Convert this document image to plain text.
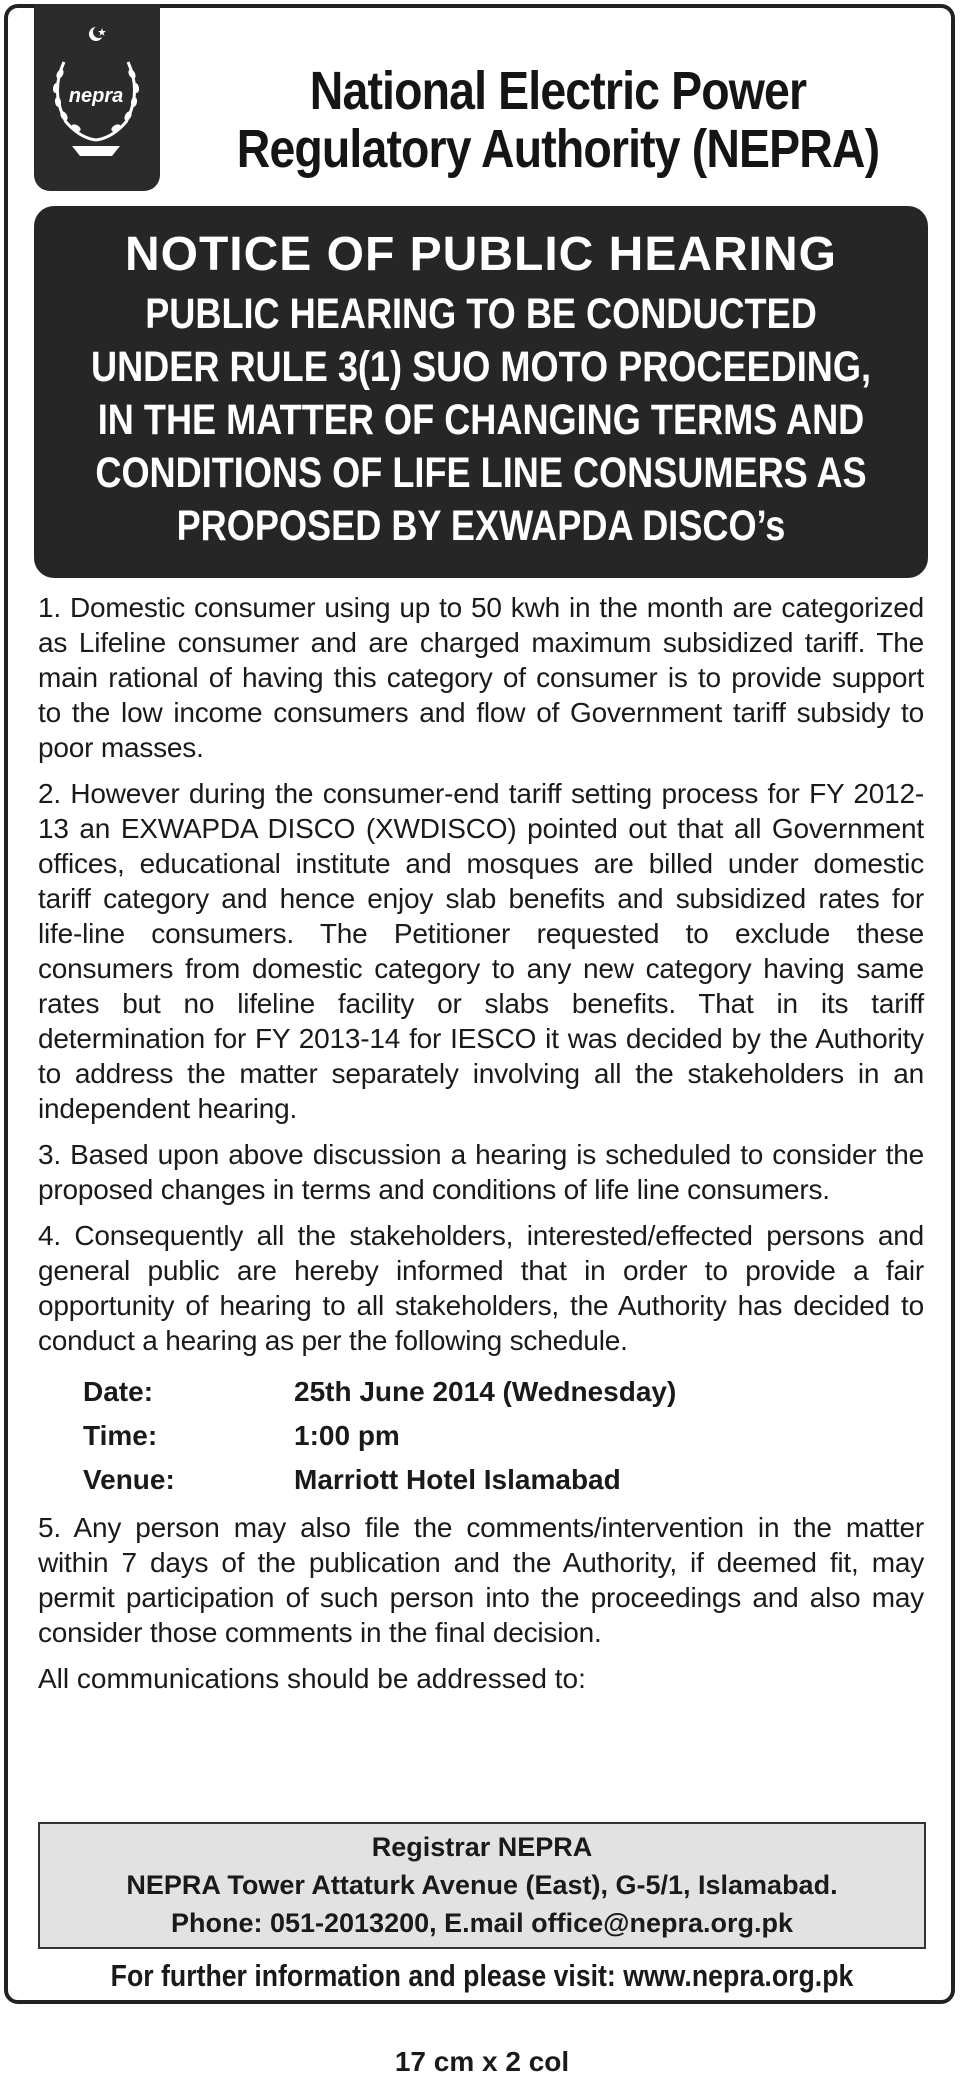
nepra	National Electric Power
Regulatory Authority (NEPRA)
NOTICE OF PUBLIC HEARING
PUBLIC HEARING TO BE CONDUCTED
UNDER RULE 3(1) SUO MOTO PROCEEDING,
IN THE MATTER OF CHANGING TERMS AND
CONDITIONS OF LIFE LINE CONSUMERS AS
PROPOSED BY EXWAPDA DISCO’s

1. Domestic consumer using up to 50 kwh in the month are categorized as Lifeline consumer and are charged maximum subsidized tariff. The main rational of having this category of consumer is to provide support to the low income consumers and flow of Government tariff subsidy to poor masses.

2. However during the consumer-end tariff setting process for FY 2012-13 an EXWAPDA DISCO (XWDISCO) pointed out that all Government offices, educational institute and mosques are billed under domestic tariff category and hence enjoy slab benefits and subsidized rates for life-line consumers. The Petitioner requested to exclude these consumers from domestic category to any new category having same rates but no lifeline facility or slabs benefits. That in its tariff determination for FY 2013-14 for IESCO it was decided by the Authority to address the matter separately involving all the stakeholders in an independent hearing.

3. Based upon above discussion a hearing is scheduled to consider the proposed changes in terms and conditions of life line consumers.

4. Consequently all the stakeholders, interested/effected persons and general public are hereby informed that in order to provide a fair opportunity of hearing to all stakeholders, the Authority has decided to conduct a hearing as per the following schedule.

Date:	25th June 2014 (Wednesday)
Time:	1:00 pm
Venue:	Marriott Hotel Islamabad

5. Any person may also file the comments/intervention in the matter within 7 days of the publication and the Authority, if deemed fit, may permit participation of such person into the proceedings and also may consider those comments in the final decision.

All communications should be addressed to:

Registrar NEPRA
NEPRA Tower Attaturk Avenue (East), G-5/1, Islamabad.
Phone: 051-2013200, E.mail office@nepra.org.pk
For further information and please visit: www.nepra.org.pk
17 cm x 2 col
